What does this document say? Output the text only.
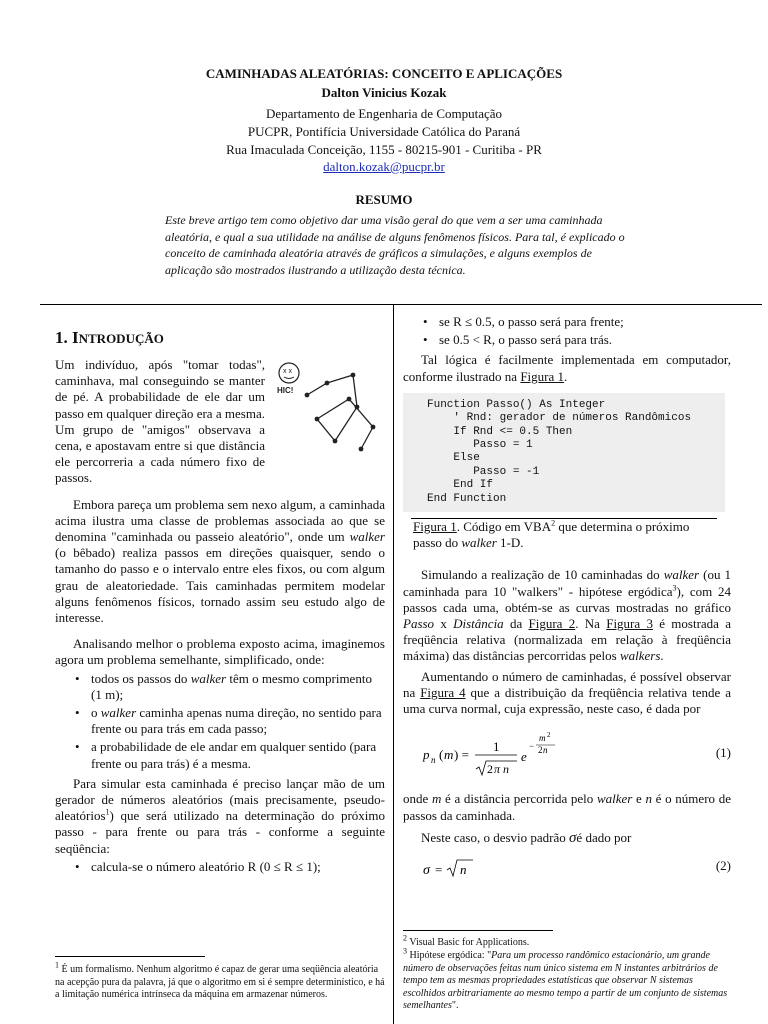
CAMINHADAS ALEATÓRIAS: CONCEITO E APLICAÇÕES
Dalton Vinicius Kozak
Departamento de Engenharia de Computação
PUCPR, Pontifícia Universidade Católica do Paraná
Rua Imaculada Conceição, 1155 - 80215-901 - Curitiba - PR
dalton.kozak@pucpr.br
RESUMO
Este breve artigo tem como objetivo dar uma visão geral do que vem a ser uma caminhada aleatória, e qual a sua utilidade na análise de alguns fenômenos físicos. Para tal, é explicado o conceito de caminhada aleatória através de gráficos a simulações, e alguns exemplos de aplicação são mostrados ilustrando a utilização desta técnica.
1. INTRODUÇÃO

Um indivíduo, após "tomar todas", caminhava, mal conseguindo se manter de pé. A probabilidade de ele dar um passo em qualquer direção era a mesma. Um grupo de "amigos" observava a cena, e apostavam entre si que distância ele percorreria a cada número fixo de passos.

x x
HIC!

Embora pareça um problema sem nexo algum, a caminhada acima ilustra uma classe de problemas associada ao que se denomina "caminhada ou passeio aleatório", onde um walker (o bêbado) realiza passos em direções quaisquer, sendo o tamanho do passo e o intervalo entre eles fixos, ou com algum grau de aleatoriedade. Tais caminhadas permitem modelar alguns fenômenos físicos, tornado assim seu estudo algo de interesse.

Analisando melhor o problema exposto acima, imaginemos agora um problema semelhante, simplificado, onde:

• todos os passos do walker têm o mesmo comprimento (1 m);
• o walker caminha apenas numa direção, no sentido para frente ou para trás em cada passo;
• a probabilidade de ele andar em qualquer sentido (para frente ou para trás) é a mesma.

Para simular esta caminhada é preciso lançar mão de um gerador de números aleatórios (mais precisamente, pseudo-aleatórios$^1$) que será utilizado na determinação do próximo passo - para frente ou para trás - conforme a seguinte seqüência:

• calcula-se o número aleatório R (0 ≤ R ≤ 1);
$^1$ É um formalismo. Nenhum algoritmo é capaz de gerar uma seqüência aleatória na acepção pura da palavra, já que o algoritmo em si é sempre determinístico, e há a limitação numérica intrínseca da máquina em armazenar números.
• se R ≤ 0.5, o passo será para frente;
• se 0.5 < R, o passo será para trás.

Tal lógica é facilmente implementada em computador, conforme ilustrado na Figura 1.

Function Passo() As Integer
' Rnd: gerador de números Randômicos
If Rnd <= 0.5 Then
Passo = 1
Else
Passo = -1
End If
End Function

Figura 1. Código em VBA$^2$ que determina o próximo passo do walker 1-D.

Simulando a realização de 10 caminhadas do walker (ou 1 caminhada para 10 "walkers" - hipótese ergódica$^3$), com 24 passos cada uma, obtém-se as curvas mostradas no gráfico Passo x Distância da Figura 2. Na Figura 3 é mostrada a freqüência relativa (normalizada em relação à freqüência máxima) das distâncias percorridas pelos walkers.

Aumentando o número de caminhadas, é possível observar na Figura 4 que a distribuição da freqüência relativa tende a uma curva normal, cuja expressão, neste caso, é dada por

p n ( m ) =
1
2 π n
e
−
m 2
2 n	(1)

onde m é a distância percorrida pelo walker e n é o número de passos da caminhada.

Neste caso, o desvio padrão σé dado por

σ = n	(2)
$^2$ Visual Basic for Applications.
$^3$ Hipótese ergódica: "Para um processo randômico estacionário, um grande número de observações feitas num único sistema em N instantes arbitrários de tempo tem as mesmas propriedades estatísticas que observar N sistemas escolhidos arbitrariamente ao mesmo tempo a partir de um conjunto de sistemas semelhantes".
